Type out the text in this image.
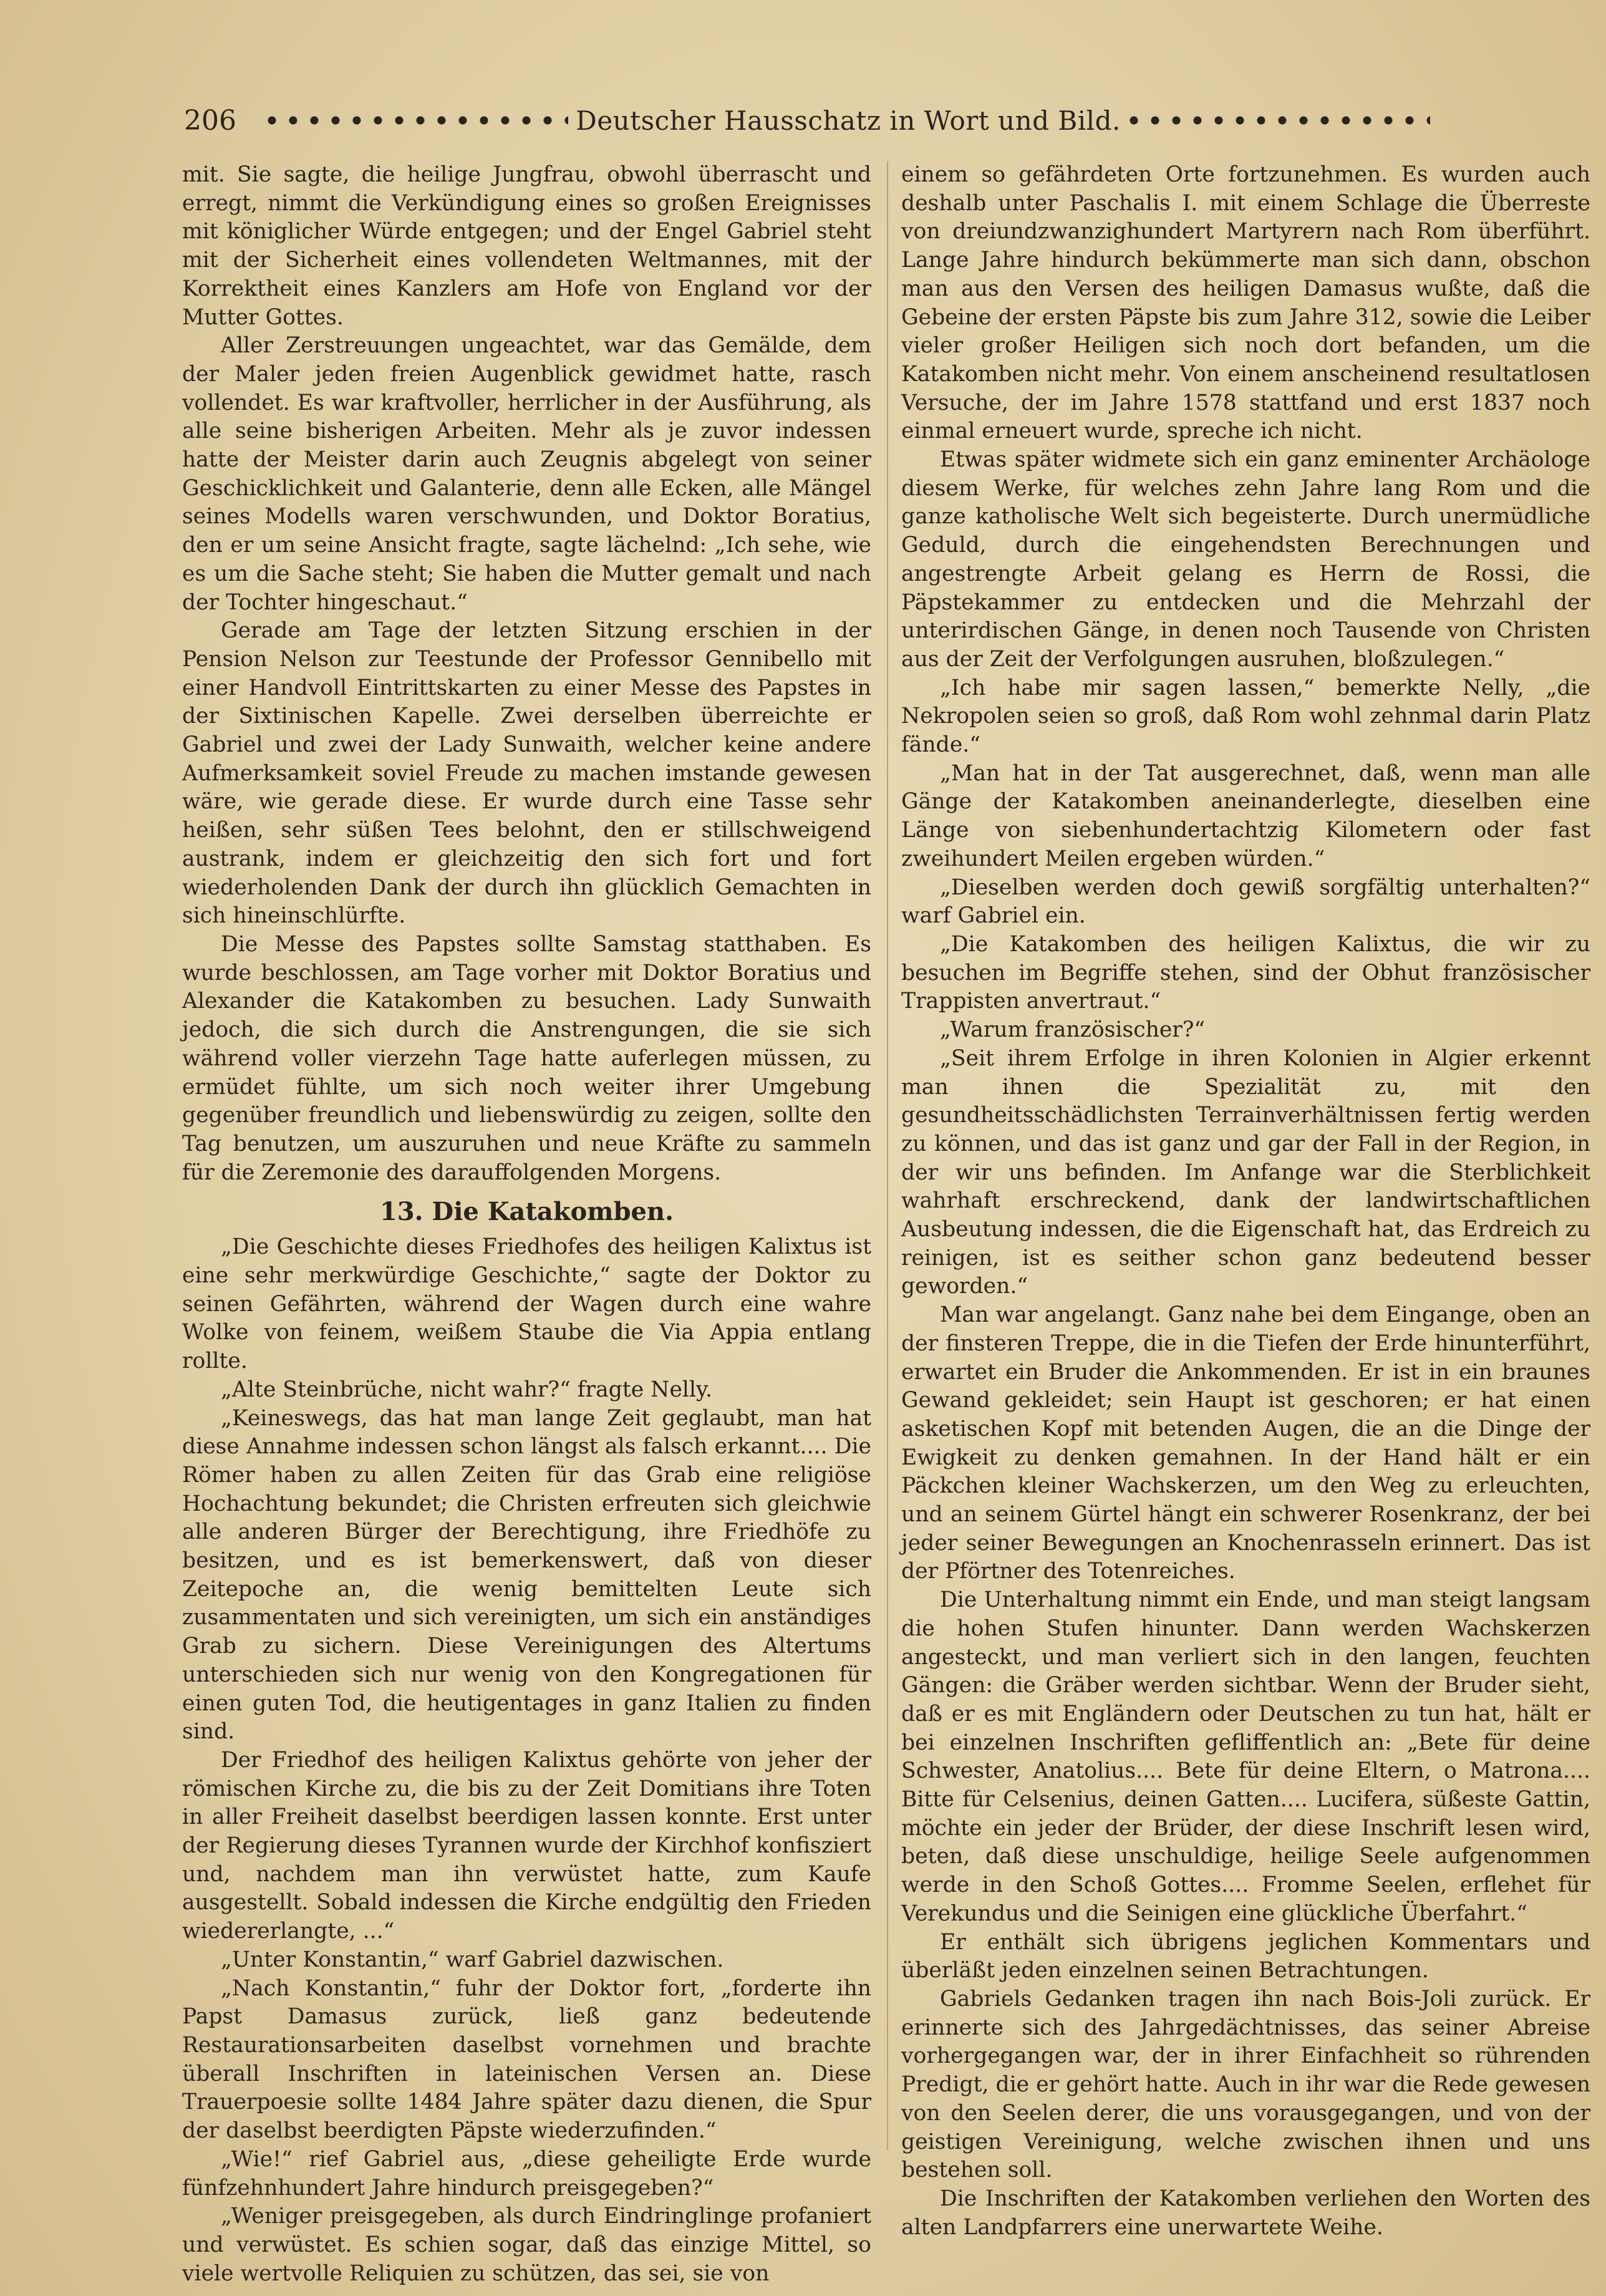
206	Deutscher Hausschatz in Wort und Bild.

mit. Sie sagte, die heilige Jungfrau, obwohl überrascht und erregt, nimmt die Verkündigung eines so großen Ereignisses mit königlicher Würde entgegen; und der Engel Gabriel steht mit der Sicherheit eines vollendeten Weltmannes, mit der Korrektheit eines Kanzlers am Hofe von England vor der Mutter Gottes.

Aller Zerstreuungen ungeachtet, war das Gemälde, dem der Maler jeden freien Augenblick gewidmet hatte, rasch vollendet. Es war kraftvoller, herrlicher in der Ausführung, als alle seine bisherigen Arbeiten. Mehr als je zuvor indessen hatte der Meister darin auch Zeugnis abgelegt von seiner Geschicklichkeit und Galanterie, denn alle Ecken, alle Mängel seines Modells waren verschwunden, und Doktor Boratius, den er um seine Ansicht fragte, sagte lächelnd: „Ich sehe, wie es um die Sache steht; Sie haben die Mutter gemalt und nach der Tochter hingeschaut.“

Gerade am Tage der letzten Sitzung erschien in der Pension Nelson zur Teestunde der Professor Gennibello mit einer Handvoll Eintrittskarten zu einer Messe des Papstes in der Sixtinischen Kapelle. Zwei derselben überreichte er Gabriel und zwei der Lady Sunwaith, welcher keine andere Aufmerksamkeit soviel Freude zu machen imstande gewesen wäre, wie gerade diese. Er wurde durch eine Tasse sehr heißen, sehr süßen Tees belohnt, den er stillschweigend austrank, indem er gleichzeitig den sich fort und fort wiederholenden Dank der durch ihn glücklich Gemachten in sich hineinschlürfte.

Die Messe des Papstes sollte Samstag statthaben. Es wurde beschlossen, am Tage vorher mit Doktor Boratius und Alexander die Katakomben zu besuchen. Lady Sunwaith jedoch, die sich durch die Anstrengungen, die sie sich während voller vierzehn Tage hatte auferlegen müssen, zu ermüdet fühlte, um sich noch weiter ihrer Umgebung gegenüber freundlich und liebenswürdig zu zeigen, sollte den Tag benutzen, um auszuruhen und neue Kräfte zu sammeln für die Zeremonie des darauffolgenden Morgens.

13. Die Katakomben.

„Die Geschichte dieses Friedhofes des heiligen Kalixtus ist eine sehr merkwürdige Geschichte,“ sagte der Doktor zu seinen Gefährten, während der Wagen durch eine wahre Wolke von feinem, weißem Staube die Via Appia entlang rollte.

„Alte Steinbrüche, nicht wahr?“ fragte Nelly.

„Keineswegs, das hat man lange Zeit geglaubt, man hat diese Annahme indessen schon längst als falsch erkannt.... Die Römer haben zu allen Zeiten für das Grab eine religiöse Hochachtung bekundet; die Christen erfreuten sich gleichwie alle anderen Bürger der Berechtigung, ihre Friedhöfe zu besitzen, und es ist bemerkenswert, daß von dieser Zeitepoche an, die wenig bemittelten Leute sich zusammentaten und sich vereinigten, um sich ein anständiges Grab zu sichern. Diese Vereinigungen des Altertums unterschieden sich nur wenig von den Kongregationen für einen guten Tod, die heutigentages in ganz Italien zu finden sind.

Der Friedhof des heiligen Kalixtus gehörte von jeher der römischen Kirche zu, die bis zu der Zeit Domitians ihre Toten in aller Freiheit daselbst beerdigen lassen konnte. Erst unter der Regierung dieses Tyrannen wurde der Kirchhof konfisziert und, nachdem man ihn verwüstet hatte, zum Kaufe ausgestellt. Sobald indessen die Kirche endgültig den Frieden wiedererlangte, ...“

„Unter Konstantin,“ warf Gabriel dazwischen.

„Nach Konstantin,“ fuhr der Doktor fort, „forderte ihn Papst Damasus zurück, ließ ganz bedeutende Restaurationsarbeiten daselbst vornehmen und brachte überall Inschriften in lateinischen Versen an. Diese Trauerpoesie sollte 1484 Jahre später dazu dienen, die Spur der daselbst beerdigten Päpste wiederzufinden.“

„Wie!“ rief Gabriel aus, „diese geheiligte Erde wurde fünfzehnhundert Jahre hindurch preisgegeben?“

„Weniger preisgegeben, als durch Eindringlinge profaniert und verwüstet. Es schien sogar, daß das einzige Mittel, so viele wertvolle Reliquien zu schützen, das sei, sie von

einem so gefährdeten Orte fortzunehmen. Es wurden auch deshalb unter Paschalis I. mit einem Schlage die Überreste von dreiundzwanzighundert Martyrern nach Rom überführt. Lange Jahre hindurch bekümmerte man sich dann, obschon man aus den Versen des heiligen Damasus wußte, daß die Gebeine der ersten Päpste bis zum Jahre 312, sowie die Leiber vieler großer Heiligen sich noch dort befanden, um die Katakomben nicht mehr. Von einem anscheinend resultatlosen Versuche, der im Jahre 1578 stattfand und erst 1837 noch einmal erneuert wurde, spreche ich nicht.

Etwas später widmete sich ein ganz eminenter Archäologe diesem Werke, für welches zehn Jahre lang Rom und die ganze katholische Welt sich begeisterte. Durch unermüdliche Geduld, durch die eingehendsten Berechnungen und angestrengte Arbeit gelang es Herrn de Rossi, die Päpstekammer zu entdecken und die Mehrzahl der unterirdischen Gänge, in denen noch Tausende von Christen aus der Zeit der Verfolgungen ausruhen, bloßzulegen.“

„Ich habe mir sagen lassen,“ bemerkte Nelly, „die Nekropolen seien so groß, daß Rom wohl zehnmal darin Platz fände.“

„Man hat in der Tat ausgerechnet, daß, wenn man alle Gänge der Katakomben aneinanderlegte, dieselben eine Länge von siebenhundertachtzig Kilometern oder fast zweihundert Meilen ergeben würden.“

„Dieselben werden doch gewiß sorgfältig unterhalten?“ warf Gabriel ein.

„Die Katakomben des heiligen Kalixtus, die wir zu besuchen im Begriffe stehen, sind der Obhut französischer Trappisten anvertraut.“

„Warum französischer?“

„Seit ihrem Erfolge in ihren Kolonien in Algier erkennt man ihnen die Spezialität zu, mit den gesundheitsschädlichsten Terrainverhältnissen fertig werden zu können, und das ist ganz und gar der Fall in der Region, in der wir uns befinden. Im Anfange war die Sterblichkeit wahrhaft erschreckend, dank der landwirtschaftlichen Ausbeutung indessen, die die Eigenschaft hat, das Erdreich zu reinigen, ist es seither schon ganz bedeutend besser geworden.“

Man war angelangt. Ganz nahe bei dem Eingange, oben an der finsteren Treppe, die in die Tiefen der Erde hinunterführt, erwartet ein Bruder die Ankommenden. Er ist in ein braunes Gewand gekleidet; sein Haupt ist geschoren; er hat einen asketischen Kopf mit betenden Augen, die an die Dinge der Ewigkeit zu denken gemahnen. In der Hand hält er ein Päckchen kleiner Wachskerzen, um den Weg zu erleuchten, und an seinem Gürtel hängt ein schwerer Rosenkranz, der bei jeder seiner Bewegungen an Knochenrasseln erinnert. Das ist der Pförtner des Totenreiches.

Die Unterhaltung nimmt ein Ende, und man steigt langsam die hohen Stufen hinunter. Dann werden Wachskerzen angesteckt, und man verliert sich in den langen, feuchten Gängen: die Gräber werden sichtbar. Wenn der Bruder sieht, daß er es mit Engländern oder Deutschen zu tun hat, hält er bei einzelnen Inschriften gefliffentlich an: „Bete für deine Schwester, Anatolius.... Bete für deine Eltern, o Matrona.... Bitte für Celsenius, deinen Gatten.... Lucifera, süßeste Gattin, möchte ein jeder der Brüder, der diese Inschrift lesen wird, beten, daß diese unschuldige, heilige Seele aufgenommen werde in den Schoß Gottes.... Fromme Seelen, erflehet für Verekundus und die Seinigen eine glückliche Überfahrt.“

Er enthält sich übrigens jeglichen Kommentars und überläßt jeden einzelnen seinen Betrachtungen.

Gabriels Gedanken tragen ihn nach Bois-Joli zurück. Er erinnerte sich des Jahrgedächtnisses, das seiner Abreise vorhergegangen war, der in ihrer Einfachheit so rührenden Predigt, die er gehört hatte. Auch in ihr war die Rede gewesen von den Seelen derer, die uns vorausgegangen, und von der geistigen Vereinigung, welche zwischen ihnen und uns bestehen soll.

Die Inschriften der Katakomben verliehen den Worten des alten Landpfarrers eine unerwartete Weihe.
